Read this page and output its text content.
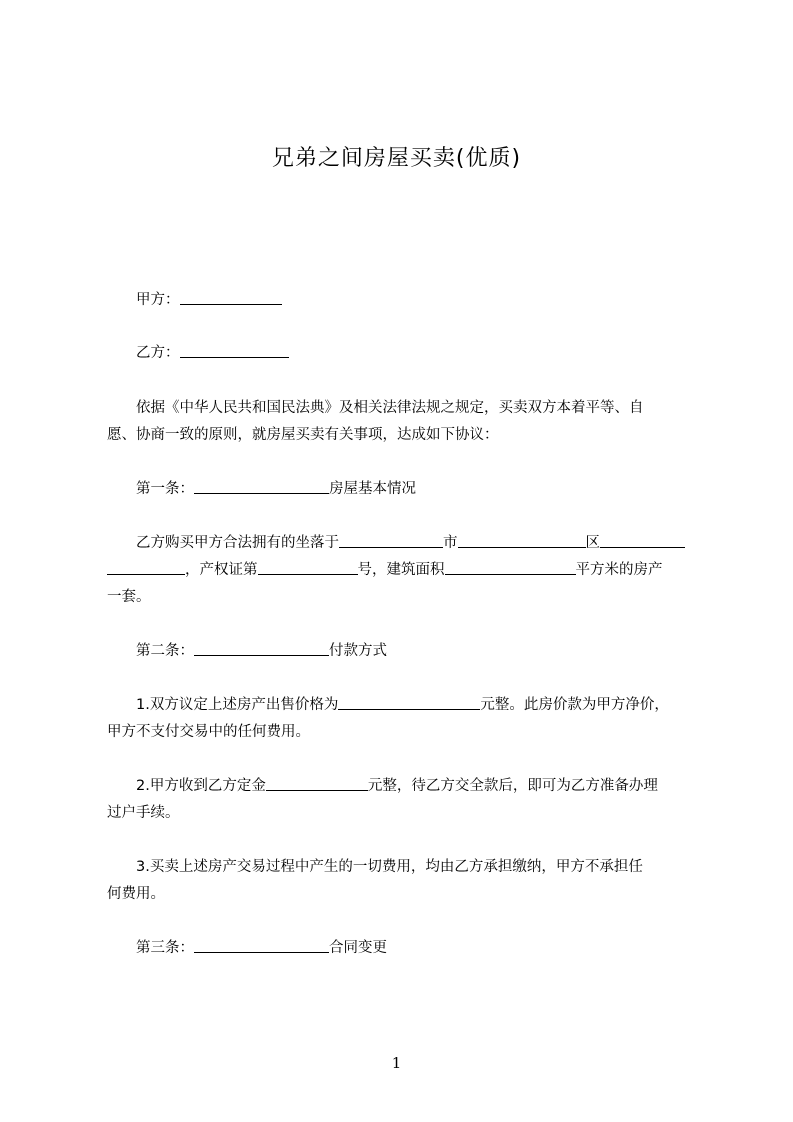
兄弟之间房屋买卖(优质)
甲方：
乙方：
依据《中华人民共和国民法典》及相关法律法规之规定，买卖双方本着平等、自
愿、协商一致的原则，就房屋买卖有关事项，达成如下协议：
第一条：	房屋基本情况
乙方购买甲方合法拥有的坐落于	市	区
，产权证第	号，建筑面积	平方米的房产
一套。
第二条：	付款方式
1.双方议定上述房产出售价格为	元整。此房价款为甲方净价，
甲方不支付交易中的任何费用。
2.甲方收到乙方定金	元整，待乙方交全款后，即可为乙方准备办理
过户手续。
3.买卖上述房产交易过程中产生的一切费用，均由乙方承担缴纳，甲方不承担任
何费用。
第三条：	合同变更
1
